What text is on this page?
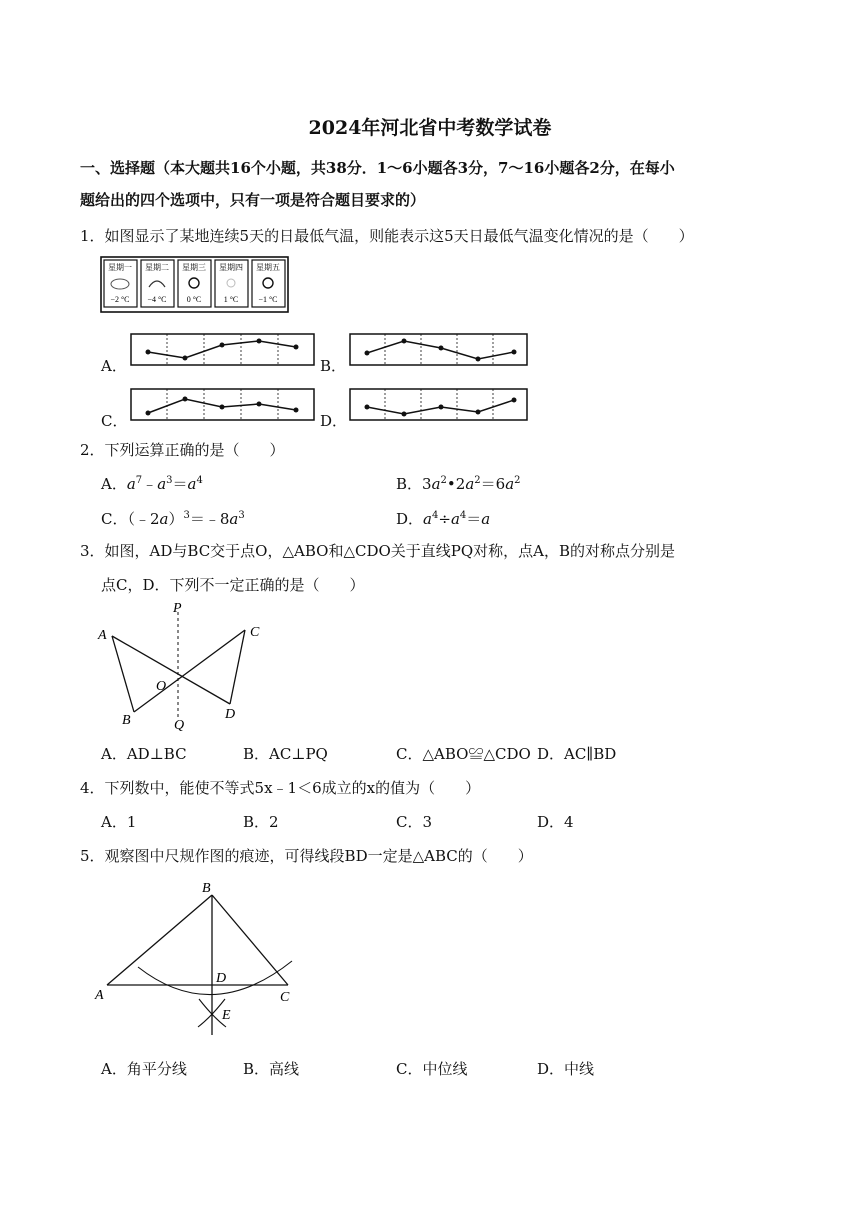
2024年河北省中考数学试卷
一、选择题（本大题共16个小题，共38分．1～6小题各3分，7～16小题各2分，在每小
题给出的四个选项中，只有一项是符合题目要求的）
1．如图显示了某地连续5天的日最低气温，则能表示这5天日最低气温变化情况的是（　　）
星期一
−2 °C
星期二
−4 °C
星期三
0 °C
星期四
1 °C
星期五
−1 °C
A．	B．
C．	D．
2．下列运算正确的是（　　）
A．$a^7﹣a^3=a^4$	B．$3a^2•2a^2=6a^2$
C．$(﹣2a)^3=﹣8a^3$	D．$a^4\div a^4=a$
3．如图，AD与BC交于点O，△ABO和△CDO关于直线PQ对称，点A，B的对称点分别是
点C，D．下列不一定正确的是（　　）
P
A	C
O
B	Q
D
A．AD⊥BC	B．AC⊥PQ	C．△ABO≌△CDO D．AC∥BD
4．下列数中，能使不等式5x﹣1＜6成立的x的值为（　　）
A．1	B．2	C．3	D．4
5．观察图中尺规作图的痕迹，可得线段BD一定是△ABC的（　　）
B
D
A	C
E
A．角平分线	B．高线	C．中位线	D．中线
